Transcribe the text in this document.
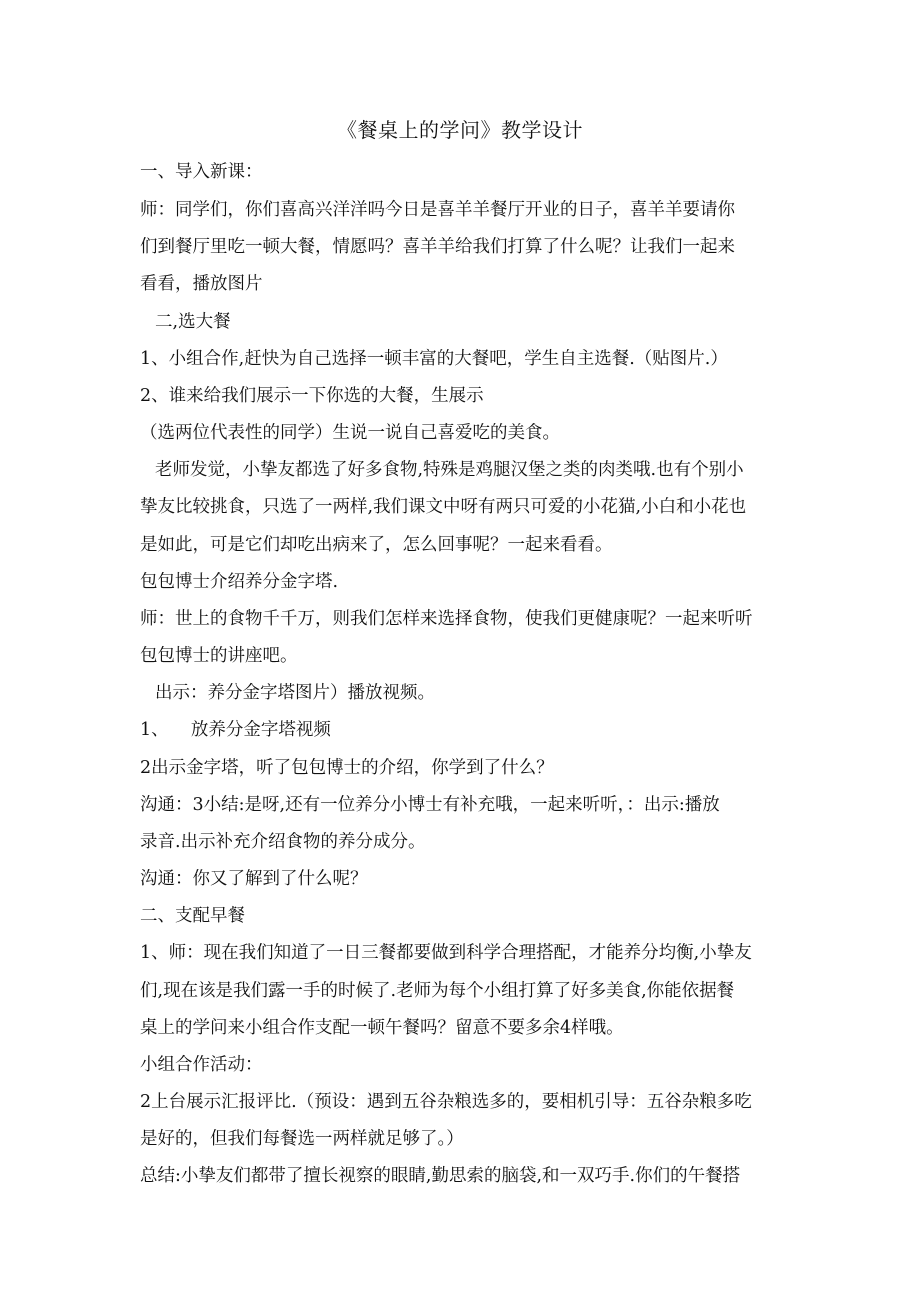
《餐桌上的学问》教学设计
一、导入新课：
师：同学们，你们喜高兴洋洋吗今日是喜羊羊餐厅开业的日子，喜羊羊要请你
们到餐厅里吃一顿大餐，情愿吗？喜羊羊给我们打算了什么呢？让我们一起来
看看，播放图片
二,选大餐
1、小组合作,赶快为自己选择一顿丰富的大餐吧，学生自主选餐.（贴图片.）
2、谁来给我们展示一下你选的大餐，生展示
（选两位代表性的同学）生说一说自己喜爱吃的美食。
老师发觉，小挚友都选了好多食物,特殊是鸡腿汉堡之类的肉类哦.也有个别小
挚友比较挑食，只选了一两样,我们课文中呀有两只可爱的小花猫,小白和小花也
是如此，可是它们却吃出病来了，怎么回事呢？一起来看看。
包包博士介绍养分金字塔.
师：世上的食物千千万，则我们怎样来选择食物，使我们更健康呢？一起来听听
包包博士的讲座吧。
出示：养分金字塔图片）播放视频。
1、    放养分金字塔视频
2出示金字塔，听了包包博士的介绍，你学到了什么？
沟通：3小结:是呀,还有一位养分小博士有补充哦，一起来听听，：出示:播放
录音.出示补充介绍食物的养分成分。
沟通：你又了解到了什么呢？
二、支配早餐
1、师：现在我们知道了一日三餐都要做到科学合理搭配，才能养分均衡,小挚友
们,现在该是我们露一手的时候了.老师为每个小组打算了好多美食,你能依据餐
桌上的学问来小组合作支配一顿午餐吗？留意不要多余4样哦。
小组合作活动：
2上台展示汇报评比.（预设：遇到五谷杂粮选多的，要相机引导：五谷杂粮多吃
是好的，但我们每餐选一两样就足够了。）
总结:小挚友们都带了擅长视察的眼睛,勤思索的脑袋,和一双巧手.你们的午餐搭
